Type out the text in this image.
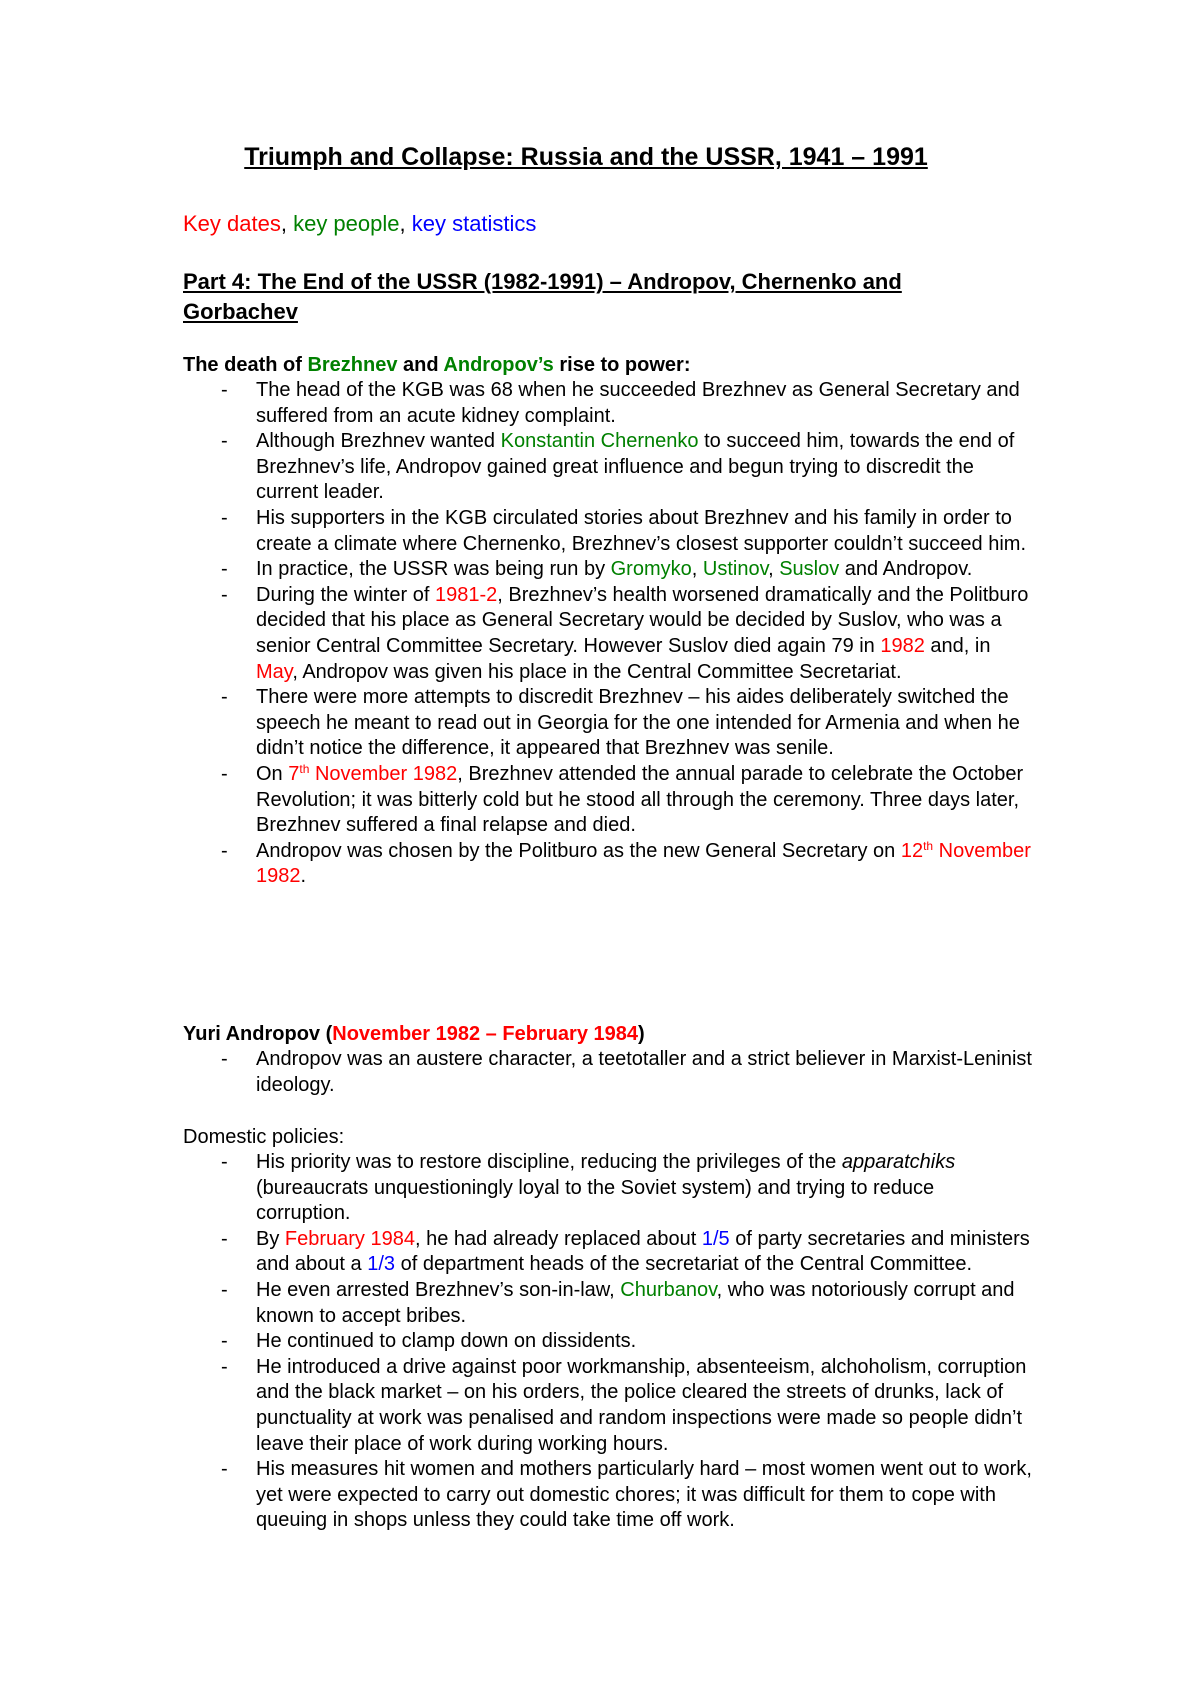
Triumph and Collapse: Russia and the USSR, 1941 – 1991
Key dates, key people, key statistics
Part 4: The End of the USSR (1982-1991) – Andropov, Chernenko and Gorbachev
The death of Brezhnev and Andropov’s rise to power:
- The head of the KGB was 68 when he succeeded Brezhnev as General Secretary and suffered from an acute kidney complaint.
- Although Brezhnev wanted Konstantin Chernenko to succeed him, towards the end of Brezhnev’s life, Andropov gained great influence and begun trying to discredit the current leader.
- His supporters in the KGB circulated stories about Brezhnev and his family in order to create a climate where Chernenko, Brezhnev’s closest supporter couldn’t succeed him.
- In practice, the USSR was being run by Gromyko, Ustinov, Suslov and Andropov.
- During the winter of 1981-2, Brezhnev’s health worsened dramatically and the Politburo decided that his place as General Secretary would be decided by Suslov, who was a senior Central Committee Secretary. However Suslov died again 79 in 1982 and, in May, Andropov was given his place in the Central Committee Secretariat.
- There were more attempts to discredit Brezhnev – his aides deliberately switched the speech he meant to read out in Georgia for the one intended for Armenia and when he didn’t notice the difference, it appeared that Brezhnev was senile.
- On 7th November 1982, Brezhnev attended the annual parade to celebrate the October Revolution; it was bitterly cold but he stood all through the ceremony. Three days later, Brezhnev suffered a final relapse and died.
- Andropov was chosen by the Politburo as the new General Secretary on 12th November 1982.
Yuri Andropov (November 1982 – February 1984)
- Andropov was an austere character, a teetotaller and a strict believer in Marxist-Leninist ideology.
Domestic policies:
- His priority was to restore discipline, reducing the privileges of the apparatchiks (bureaucrats unquestioningly loyal to the Soviet system) and trying to reduce corruption.
- By February 1984, he had already replaced about 1/5 of party secretaries and ministers and about a 1/3 of department heads of the secretariat of the Central Committee.
- He even arrested Brezhnev’s son-in-law, Churbanov, who was notoriously corrupt and known to accept bribes.
- He continued to clamp down on dissidents.
- He introduced a drive against poor workmanship, absenteeism, alchoholism, corruption and the black market – on his orders, the police cleared the streets of drunks, lack of punctuality at work was penalised and random inspections were made so people didn’t leave their place of work during working hours.
- His measures hit women and mothers particularly hard – most women went out to work, yet were expected to carry out domestic chores; it was difficult for them to cope with queuing in shops unless they could take time off work.
